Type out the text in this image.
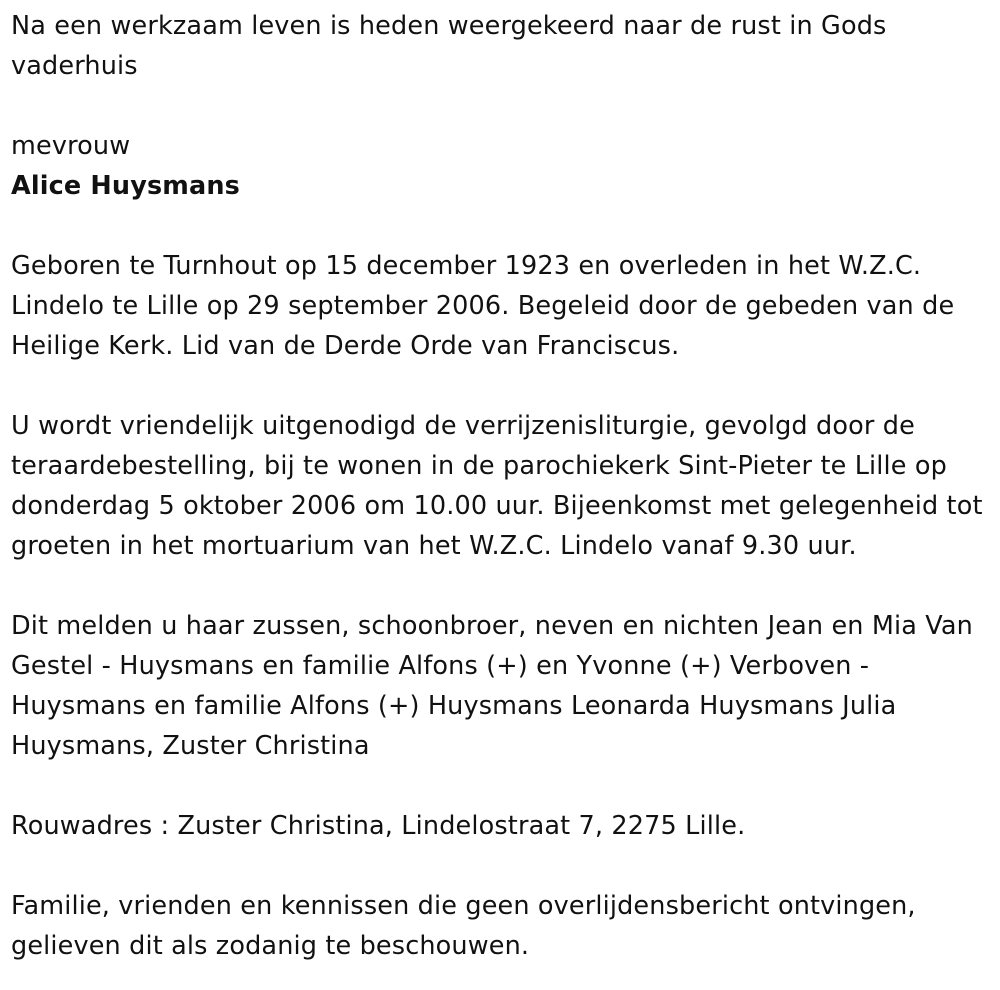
Na een werkzaam leven is heden weergekeerd naar de rust in Gods vaderhuis

mevrouw

Alice Huysmans

Geboren te Turnhout op 15 december 1923 en overleden in het W.Z.C. Lindelo te Lille op 29 september 2006. Begeleid door de gebeden van de Heilige Kerk. Lid van de Derde Orde van Franciscus.

U wordt vriendelijk uitgenodigd de verrijzenisliturgie, gevolgd door de teraardebestelling, bij te wonen in de parochiekerk Sint-Pieter te Lille op donderdag 5 oktober 2006 om 10.00 uur. Bijeenkomst met gelegenheid tot groeten in het mortuarium van het W.Z.C. Lindelo vanaf 9.30 uur.

Dit melden u haar zussen, schoonbroer, neven en nichten Jean en Mia Van Gestel - Huysmans en familie Alfons (+) en Yvonne (+) Verboven - Huysmans en familie Alfons (+) Huysmans Leonarda Huysmans Julia Huysmans, Zuster Christina

Rouwadres : Zuster Christina, Lindelostraat 7, 2275 Lille.

Familie, vrienden en kennissen die geen overlijdensbericht ontvingen, gelieven dit als zodanig te beschouwen.
